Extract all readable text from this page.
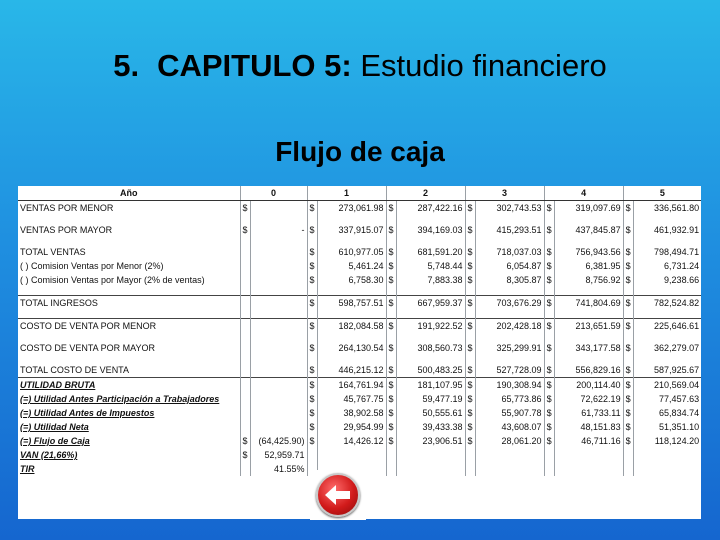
5. CAPITULO 5: Estudio financiero
Flujo de caja
Año	0		1		2		3		4		5	
VENTAS POR MENOR	$		$	273,061.98	$	287,422.16	$	302,743.53	$	319,097.69	$	336,561.80

VENTAS POR MAYOR	$	-	$	337,915.07	$	394,169.03	$	415,293.51	$	437,845.87	$	461,932.91

TOTAL VENTAS			$	610,977.05	$	681,591.20	$	718,037.03	$	756,943.56	$	798,494.71
( ) Comision Ventas por Menor (2%)			$	5,461.24	$	5,748.44	$	6,054.87	$	6,381.95	$	6,731.24
( ) Comision Ventas por Mayor (2% de ventas)			$	6,758.30	$	7,883.38	$	8,305.87	$	8,756.92	$	9,238.66

TOTAL INGRESOS			$	598,757.51	$	667,959.37	$	703,676.29	$	741,804.69	$	782,524.82

COSTO DE VENTA POR MENOR			$	182,084.58	$	191,922.52	$	202,428.18	$	213,651.59	$	225,646.61

COSTO DE VENTA POR MAYOR			$	264,130.54	$	308,560.73	$	325,299.91	$	343,177.58	$	362,279.07

TOTAL COSTO DE VENTA			$	446,215.12	$	500,483.25	$	527,728.09	$	556,829.16	$	587,925.67
UTILIDAD BRUTA			$	164,761.94	$	181,107.95	$	190,308.94	$	200,114.40	$	210,569.04
(=) Utilidad Antes Participación a Trabajadores			$	45,767.75	$	59,477.19	$	65,773.86	$	72,622.19	$	77,457.63
(=) Utilidad Antes de Impuestos			$	38,902.58	$	50,555.61	$	55,907.78	$	61,733.11	$	65,834.74
(=) Utilidad Neta			$	29,954.99	$	39,433.38	$	43,608.07	$	48,151.83	$	51,351.10
(=) Flujo de Caja	$	(64,425.90)	$	14,426.12	$	23,906.51	$	28,061.20	$	46,711.16	$	118,124.20
VAN (21,66%)	$	52,959.71										
TIR		41.55%										
